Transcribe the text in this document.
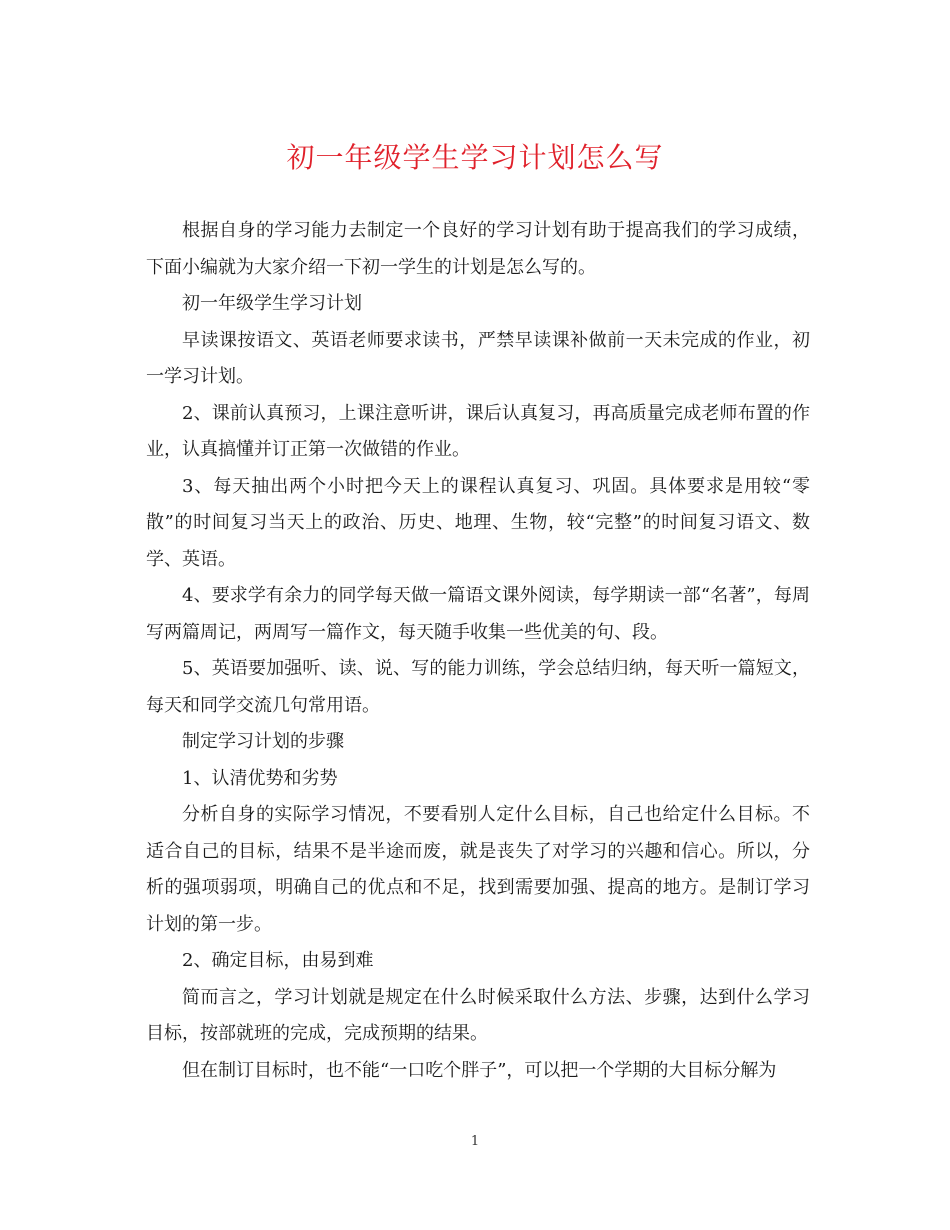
初一年级学生学习计划怎么写

根据自身的学习能力去制定一个良好的学习计划有助于提高我们的学习成绩，下面小编就为大家介绍一下初一学生的计划是怎么写的。

初一年级学生学习计划

早读课按语文、英语老师要求读书，严禁早读课补做前一天未完成的作业，初一学习计划。

2、课前认真预习，上课注意听讲，课后认真复习，再高质量完成老师布置的作业，认真搞懂并订正第一次做错的作业。

3、每天抽出两个小时把今天上的课程认真复习、巩固。具体要求是用较“零散”的时间复习当天上的政治、历史、地理、生物，较“完整”的时间复习语文、数学、英语。

4、要求学有余力的同学每天做一篇语文课外阅读，每学期读一部“名著”，每周写两篇周记，两周写一篇作文，每天随手收集一些优美的句、段。

5、英语要加强听、读、说、写的能力训练，学会总结归纳，每天听一篇短文，每天和同学交流几句常用语。

制定学习计划的步骤

1、认清优势和劣势

分析自身的实际学习情况，不要看别人定什么目标，自己也给定什么目标。不适合自己的目标，结果不是半途而废，就是丧失了对学习的兴趣和信心。所以，分析的强项弱项，明确自己的优点和不足，找到需要加强、提高的地方。是制订学习计划的第一步。

2、确定目标，由易到难

简而言之，学习计划就是规定在什么时候采取什么方法、步骤，达到什么学习目标，按部就班的完成，完成预期的结果。

但在制订目标时，也不能“一口吃个胖子”，可以把一个学期的大目标分解为

1
